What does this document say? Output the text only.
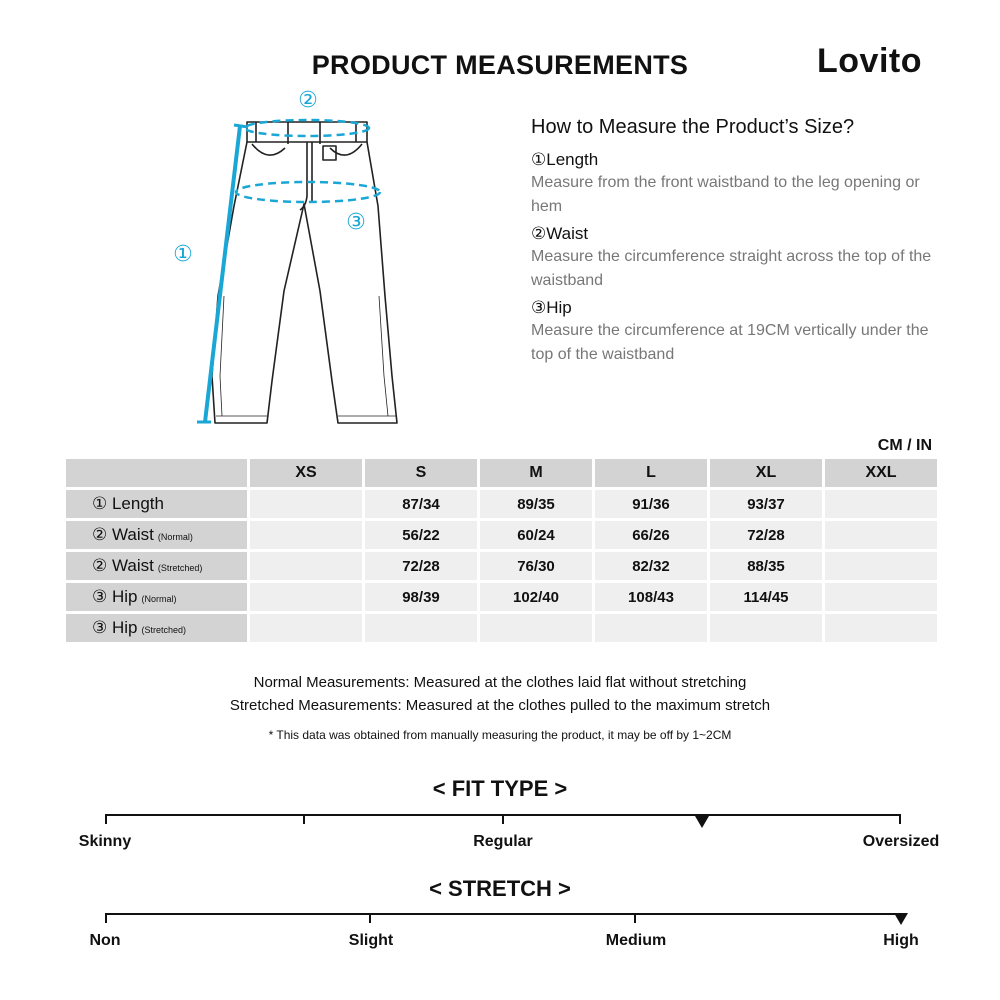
PRODUCT MEASUREMENTS	Lovito
②
③
①
How to Measure the Product’s Size?

①Length

Measure from the front waistband to the leg opening or hem

②Waist

Measure the circumference straight across the top of the waistband

③Hip

Measure the circumference at 19CM vertically under the top of the waistband

CM / IN
	XS	S	M	L	XL	XXL
① Length		87/34	89/35	91/36	93/37	
② Waist (Normal)		56/22	60/24	66/26	72/28	
② Waist (Stretched)		72/28	76/30	82/32	88/35	
③ Hip (Normal)		98/39	102/40	108/43	114/45	
③ Hip (Stretched)						
Normal Measurements: Measured at the clothes laid flat without stretching
Stretched Measurements: Measured at the clothes pulled to the maximum stretch
* This data was obtained from manually measuring the product, it may be off by 1~2CM
< FIT TYPE >
Skinny	Regular	Oversized
< STRETCH >
Non	Slight	Medium	High
